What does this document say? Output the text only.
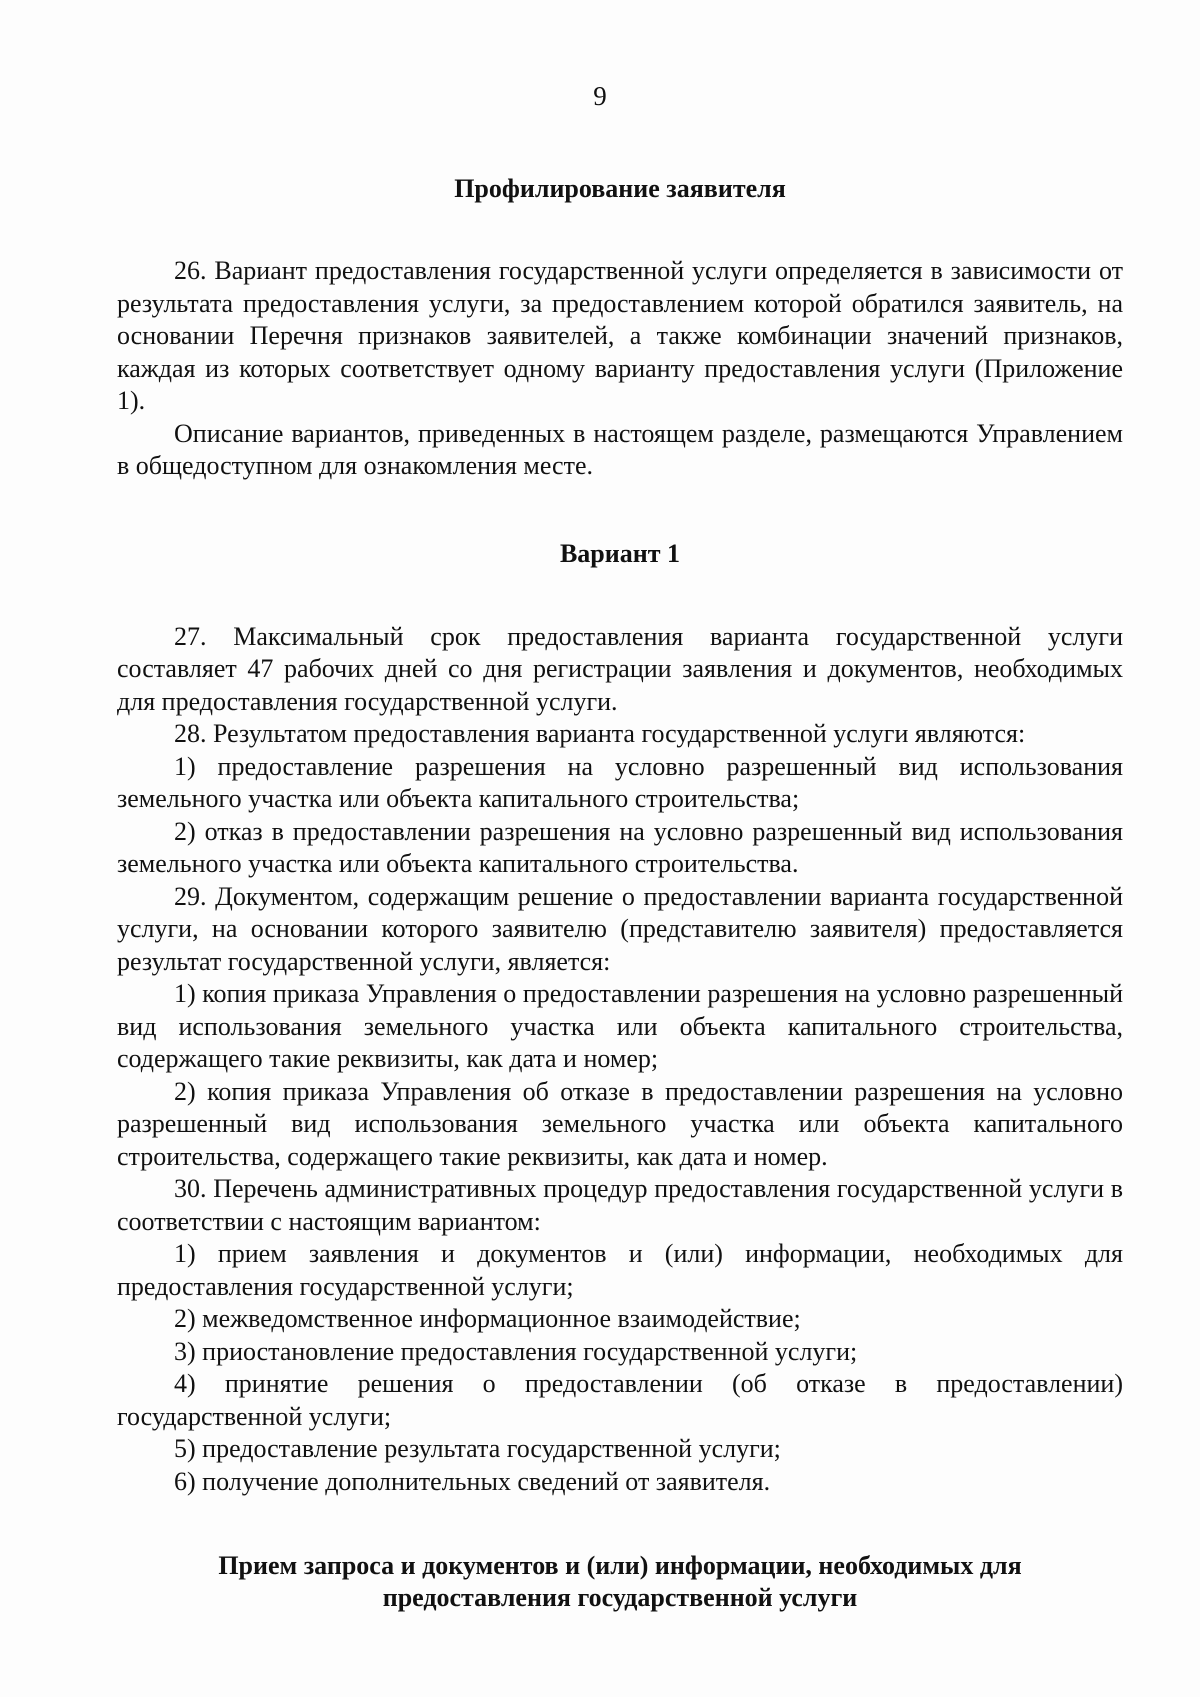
9
Профилирование заявителя

26. Вариант предоставления государственной услуги определяется в зависимости от результата предоставления услуги, за предоставлением которой обратился заявитель, на основании Перечня признаков заявителей, а также комбинации значений признаков, каждая из которых соответствует одному варианту предоставления услуги (Приложение 1).

Описание вариантов, приведенных в настоящем разделе, размещаются Управлением в общедоступном для ознакомления месте.

Вариант 1

27. Максимальный срок предоставления варианта государственной услуги составляет 47 рабочих дней со дня регистрации заявления и документов, необходимых для предоставления государственной услуги.

28. Результатом предоставления варианта государственной услуги являются:

1) предоставление разрешения на условно разрешенный вид использования земельного участка или объекта капитального строительства;

2) отказ в предоставлении разрешения на условно разрешенный вид использования земельного участка или объекта капитального строительства.

29. Документом, содержащим решение о предоставлении варианта государственной услуги, на основании которого заявителю (представителю заявителя) предоставляется результат государственной услуги, является:

1) копия приказа Управления о предоставлении разрешения на условно разрешенный вид использования земельного участка или объекта капитального строительства, содержащего такие реквизиты, как дата и номер;

2) копия приказа Управления об отказе в предоставлении разрешения на условно разрешенный вид использования земельного участка или объекта капитального строительства, содержащего такие реквизиты, как дата и номер.

30. Перечень административных процедур предоставления государственной услуги в соответствии с настоящим вариантом:

1) прием заявления и документов и (или) информации, необходимых для предоставления государственной услуги;

2) межведомственное информационное взаимодействие;

3) приостановление предоставления государственной услуги;

4) принятие решения о предоставлении (об отказе в предоставлении) государственной услуги;

5) предоставление результата государственной услуги;

6) получение дополнительных сведений от заявителя.

Прием запроса и документов и (или) информации, необходимых для
предоставления государственной услуги
